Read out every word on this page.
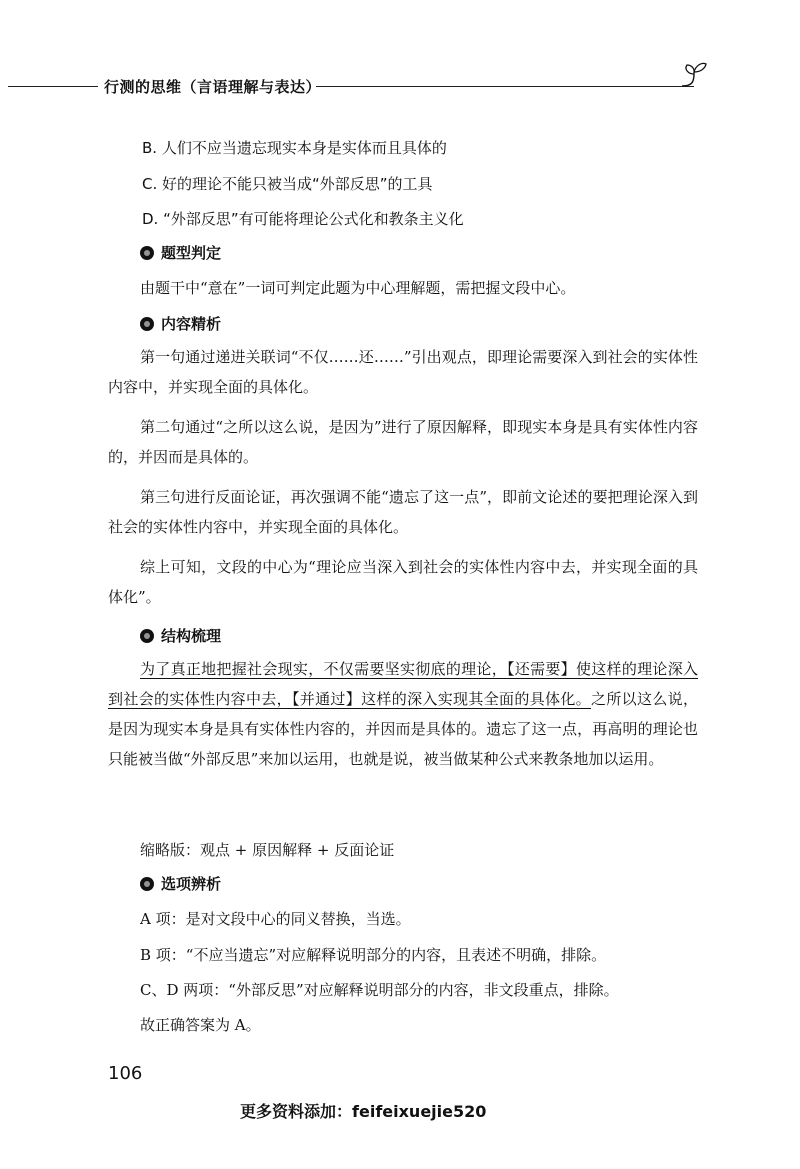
行测的思维（言语理解与表达）
B. 人们不应当遗忘现实本身是实体而且具体的
C. 好的理论不能只被当成“外部反思”的工具
D. “外部反思”有可能将理论公式化和教条主义化
题型判定
由题干中“意在”一词可判定此题为中心理解题，需把握文段中心。
内容精析
第一句通过递进关联词“不仅……还……”引出观点，即理论需要深入到社会的实体性内容中，并实现全面的具体化。
第二句通过“之所以这么说，是因为”进行了原因解释，即现实本身是具有实体性内容的，并因而是具体的。
第三句进行反面论证，再次强调不能“遗忘了这一点”，即前文论述的要把理论深入到社会的实体性内容中，并实现全面的具体化。
综上可知，文段的中心为“理论应当深入到社会的实体性内容中去，并实现全面的具体化”。
结构梳理
为了真正地把握社会现实，不仅需要坚实彻底的理论，【还需要】使这样的理论深入到社会的实体性内容中去，【并通过】这样的深入实现其全面的具体化。之所以这么说，是因为现实本身是具有实体性内容的，并因而是具体的。遗忘了这一点，再高明的理论也只能被当做“外部反思”来加以运用，也就是说，被当做某种公式来教条地加以运用。
缩略版：观点 + 原因解释 + 反面论证
选项辨析
A 项：是对文段中心的同义替换，当选。
B 项：“不应当遗忘”对应解释说明部分的内容，且表述不明确，排除。
C、D 两项：“外部反思”对应解释说明部分的内容，非文段重点，排除。
故正确答案为 A。
106
更多资料添加：feifeixuejie520
